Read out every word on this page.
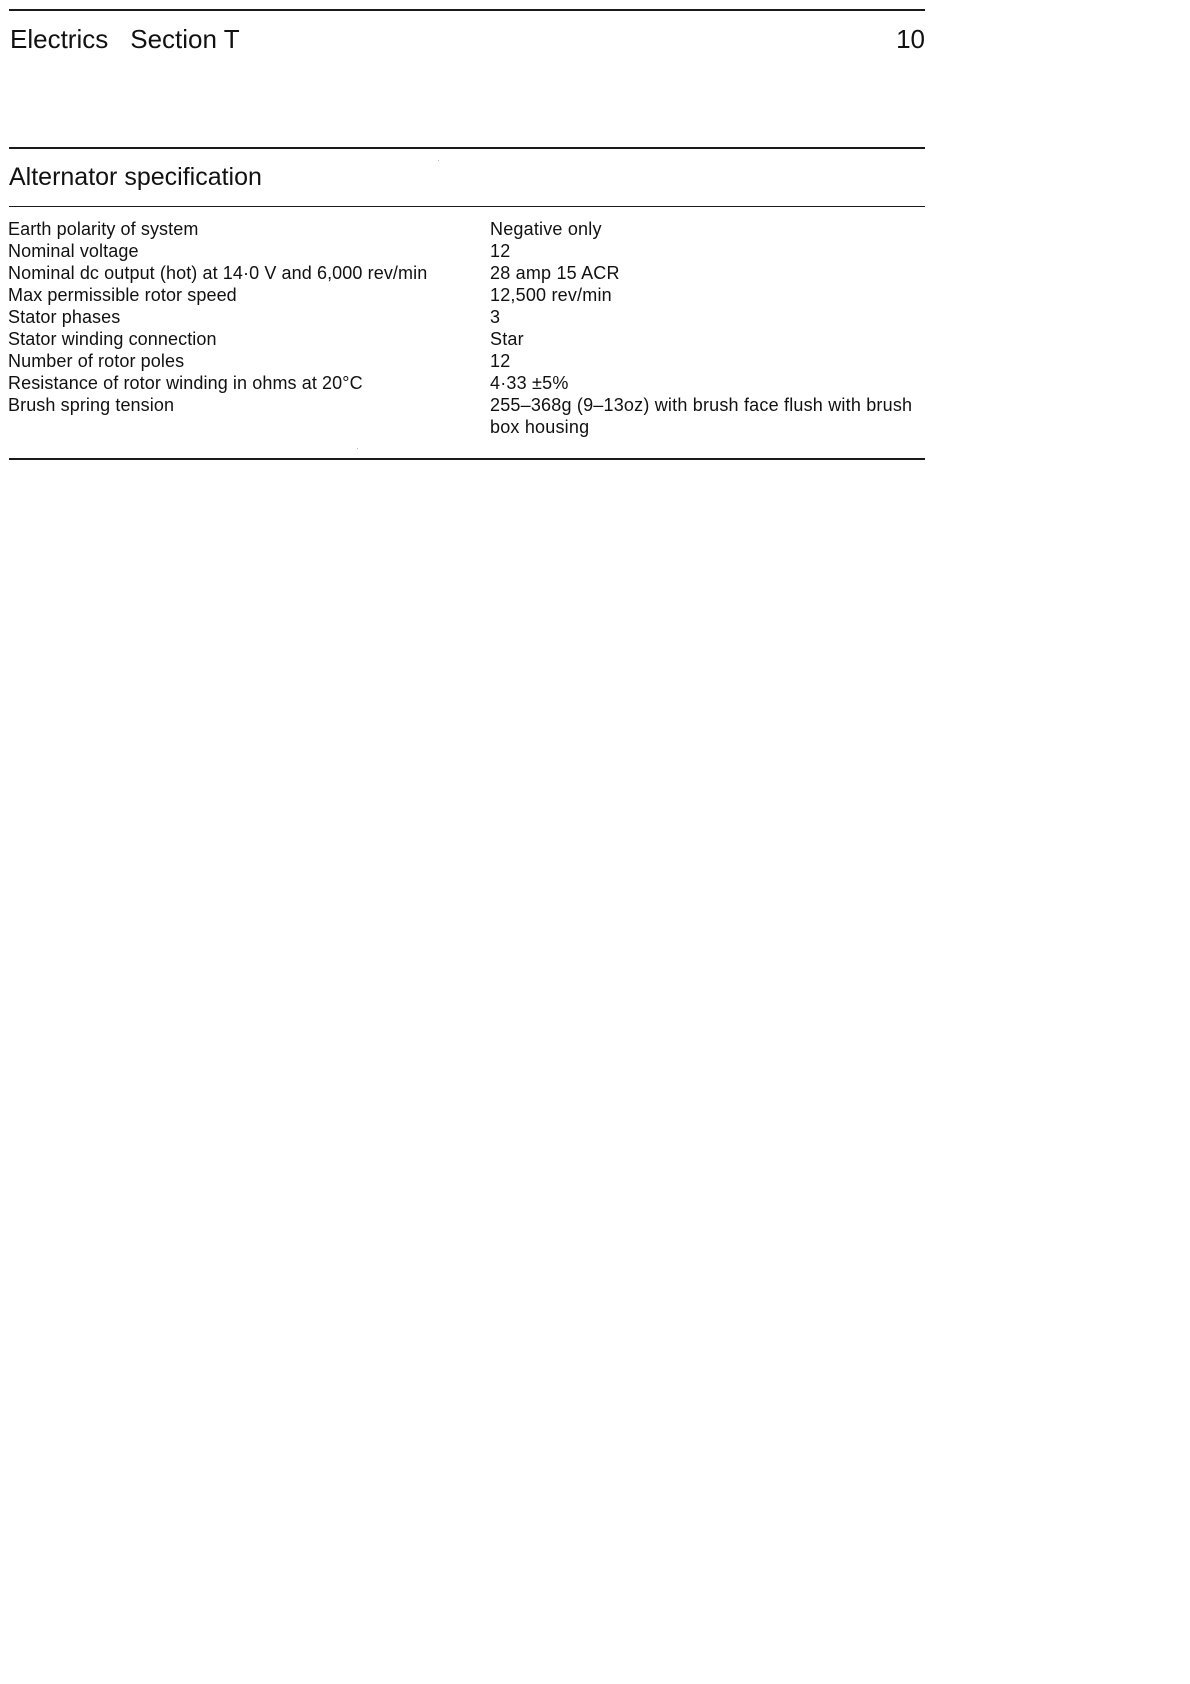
Electrics Section T	10
Alternator specification
Earth polarity of system	Negative only
Nominal voltage	12
Nominal dc output (hot) at 14·0 V and 6,000 rev/min	28 amp 15 ACR
Max permissible rotor speed	12,500 rev/min
Stator phases	3
Stator winding connection	Star
Number of rotor poles	12
Resistance of rotor winding in ohms at 20°C	4·33 ±5%
Brush spring tension	255–368g (9–13oz) with brush face flush with brush box housing
